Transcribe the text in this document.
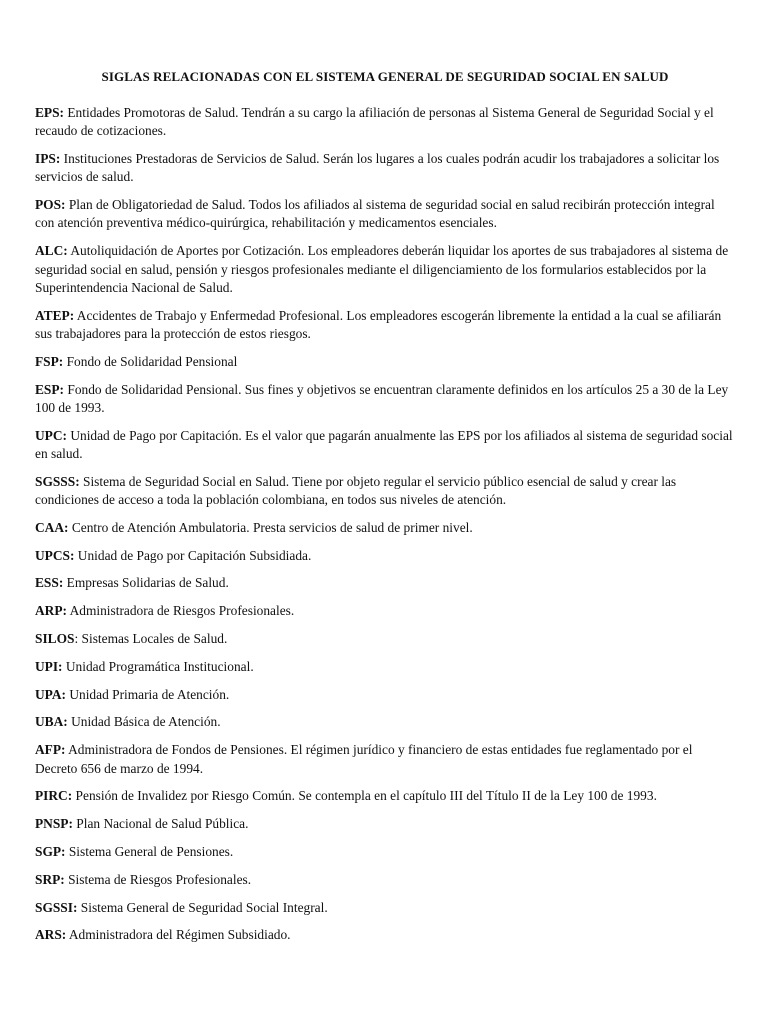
SIGLAS RELACIONADAS CON EL SISTEMA GENERAL DE SEGURIDAD SOCIAL EN SALUD

EPS: Entidades Promotoras de Salud. Tendrán a su cargo la afiliación de personas al Sistema General de Seguridad Social y el recaudo de cotizaciones.

IPS: Instituciones Prestadoras de Servicios de Salud. Serán los lugares a los cuales podrán acudir los trabajadores a solicitar los servicios de salud.

POS: Plan de Obligatoriedad de Salud. Todos los afiliados al sistema de seguridad social en salud recibirán protección integral con atención preventiva médico-quirúrgica, rehabilitación y medicamentos esenciales.

ALC: Autoliquidación de Aportes por Cotización. Los empleadores deberán liquidar los aportes de sus trabajadores al sistema de seguridad social en salud, pensión y riesgos profesionales mediante el diligenciamiento de los formularios establecidos por la Superintendencia Nacional de Salud.

ATEP: Accidentes de Trabajo y Enfermedad Profesional. Los empleadores escogerán libremente la entidad a la cual se afiliarán sus trabajadores para la protección de estos riesgos.

FSP: Fondo de Solidaridad Pensional

ESP: Fondo de Solidaridad Pensional. Sus fines y objetivos se encuentran claramente definidos en los artículos 25 a 30 de la Ley 100 de 1993.

UPC: Unidad de Pago por Capitación. Es el valor que pagarán anualmente las EPS por los afiliados al sistema de seguridad social en salud.

SGSSS: Sistema de Seguridad Social en Salud. Tiene por objeto regular el servicio público esencial de salud y crear las condiciones de acceso a toda la población colombiana, en todos sus niveles de atención.

CAA: Centro de Atención Ambulatoria. Presta servicios de salud de primer nivel.

UPCS: Unidad de Pago por Capitación Subsidiada.

ESS: Empresas Solidarias de Salud.

ARP: Administradora de Riesgos Profesionales.

SILOS: Sistemas Locales de Salud.

UPI: Unidad Programática Institucional.

UPA: Unidad Primaria de Atención.

UBA: Unidad Básica de Atención.

AFP: Administradora de Fondos de Pensiones. El régimen jurídico y financiero de estas entidades fue reglamentado por el Decreto 656 de marzo de 1994.

PIRC: Pensión de Invalidez por Riesgo Común. Se contempla en el capítulo III del Título II de la Ley 100 de 1993.

PNSP: Plan Nacional de Salud Pública.

SGP: Sistema General de Pensiones.

SRP: Sistema de Riesgos Profesionales.

SGSSI: Sistema General de Seguridad Social Integral.

ARS: Administradora del Régimen Subsidiado.
